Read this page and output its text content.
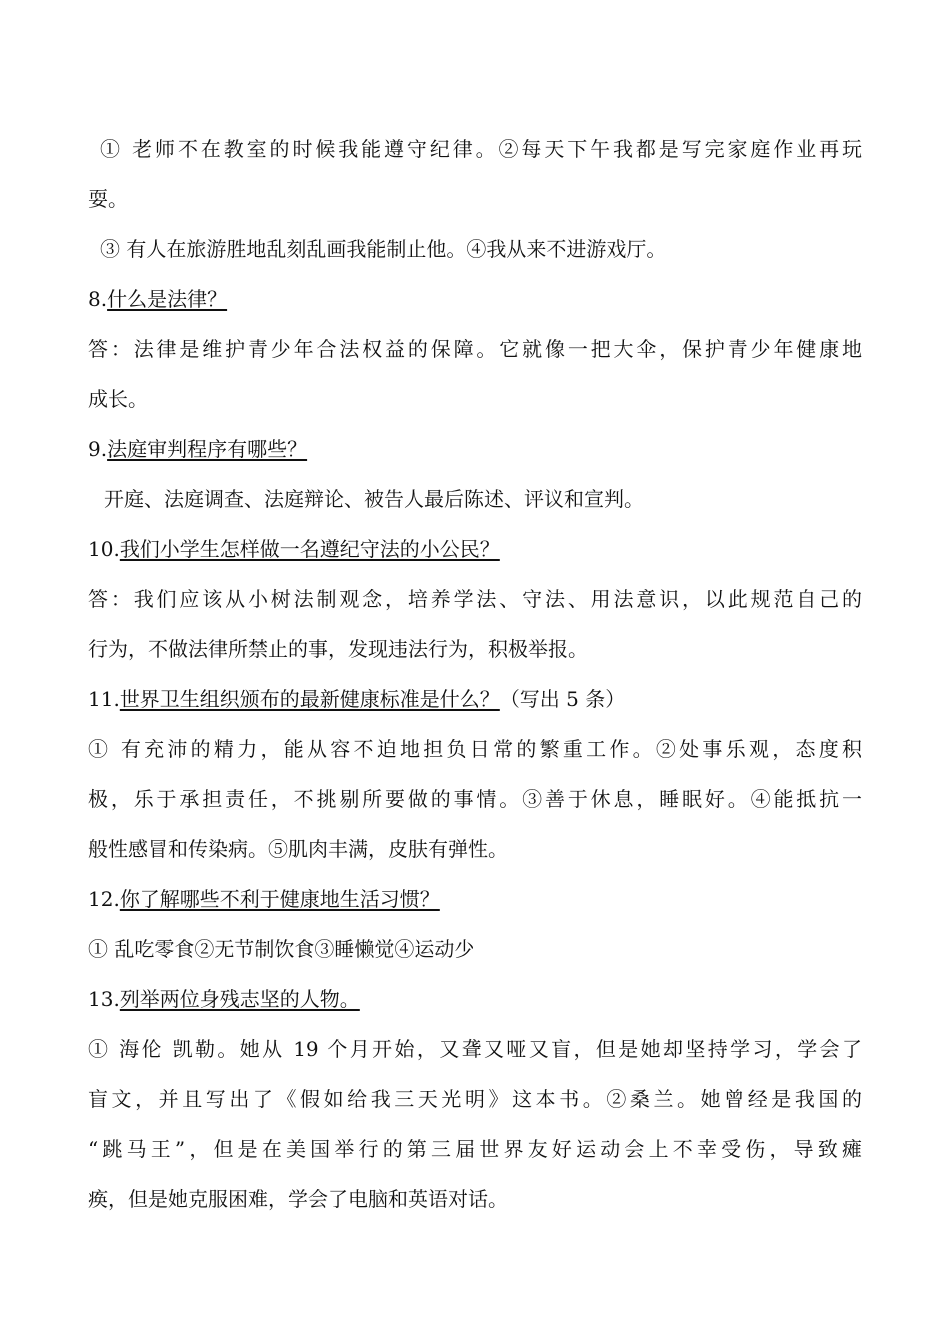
① 老师不在教室的时候我能遵守纪律。②每天下午我都是写完家庭作业再玩
耍。
③ 有人在旅游胜地乱刻乱画我能制止他。④我从来不进游戏厅。
8.什么是法律？
答：法律是维护青少年合法权益的保障。它就像一把大伞，保护青少年健康地
成长。
9.法庭审判程序有哪些？
开庭、法庭调查、法庭辩论、被告人最后陈述、评议和宣判。
10.我们小学生怎样做一名遵纪守法的小公民？
答：我们应该从小树法制观念，培养学法、守法、用法意识，以此规范自己的
行为，不做法律所禁止的事，发现违法行为，积极举报。
11.世界卫生组织颁布的最新健康标准是什么？（写出 5 条）
① 有充沛的精力，能从容不迫地担负日常的繁重工作。②处事乐观，态度积
极，乐于承担责任，不挑剔所要做的事情。③善于休息，睡眠好。④能抵抗一
般性感冒和传染病。⑤肌肉丰满，皮肤有弹性。
12.你了解哪些不利于健康地生活习惯？
① 乱吃零食②无节制饮食③睡懒觉④运动少
13.列举两位身残志坚的人物。
① 海伦 凯勒。她从 19 个月开始，又聋又哑又盲，但是她却坚持学习，学会了
盲文，并且写出了《假如给我三天光明》这本书。②桑兰。她曾经是我国的
“跳马王”，但是在美国举行的第三届世界友好运动会上不幸受伤，导致瘫
痪，但是她克服困难，学会了电脑和英语对话。
